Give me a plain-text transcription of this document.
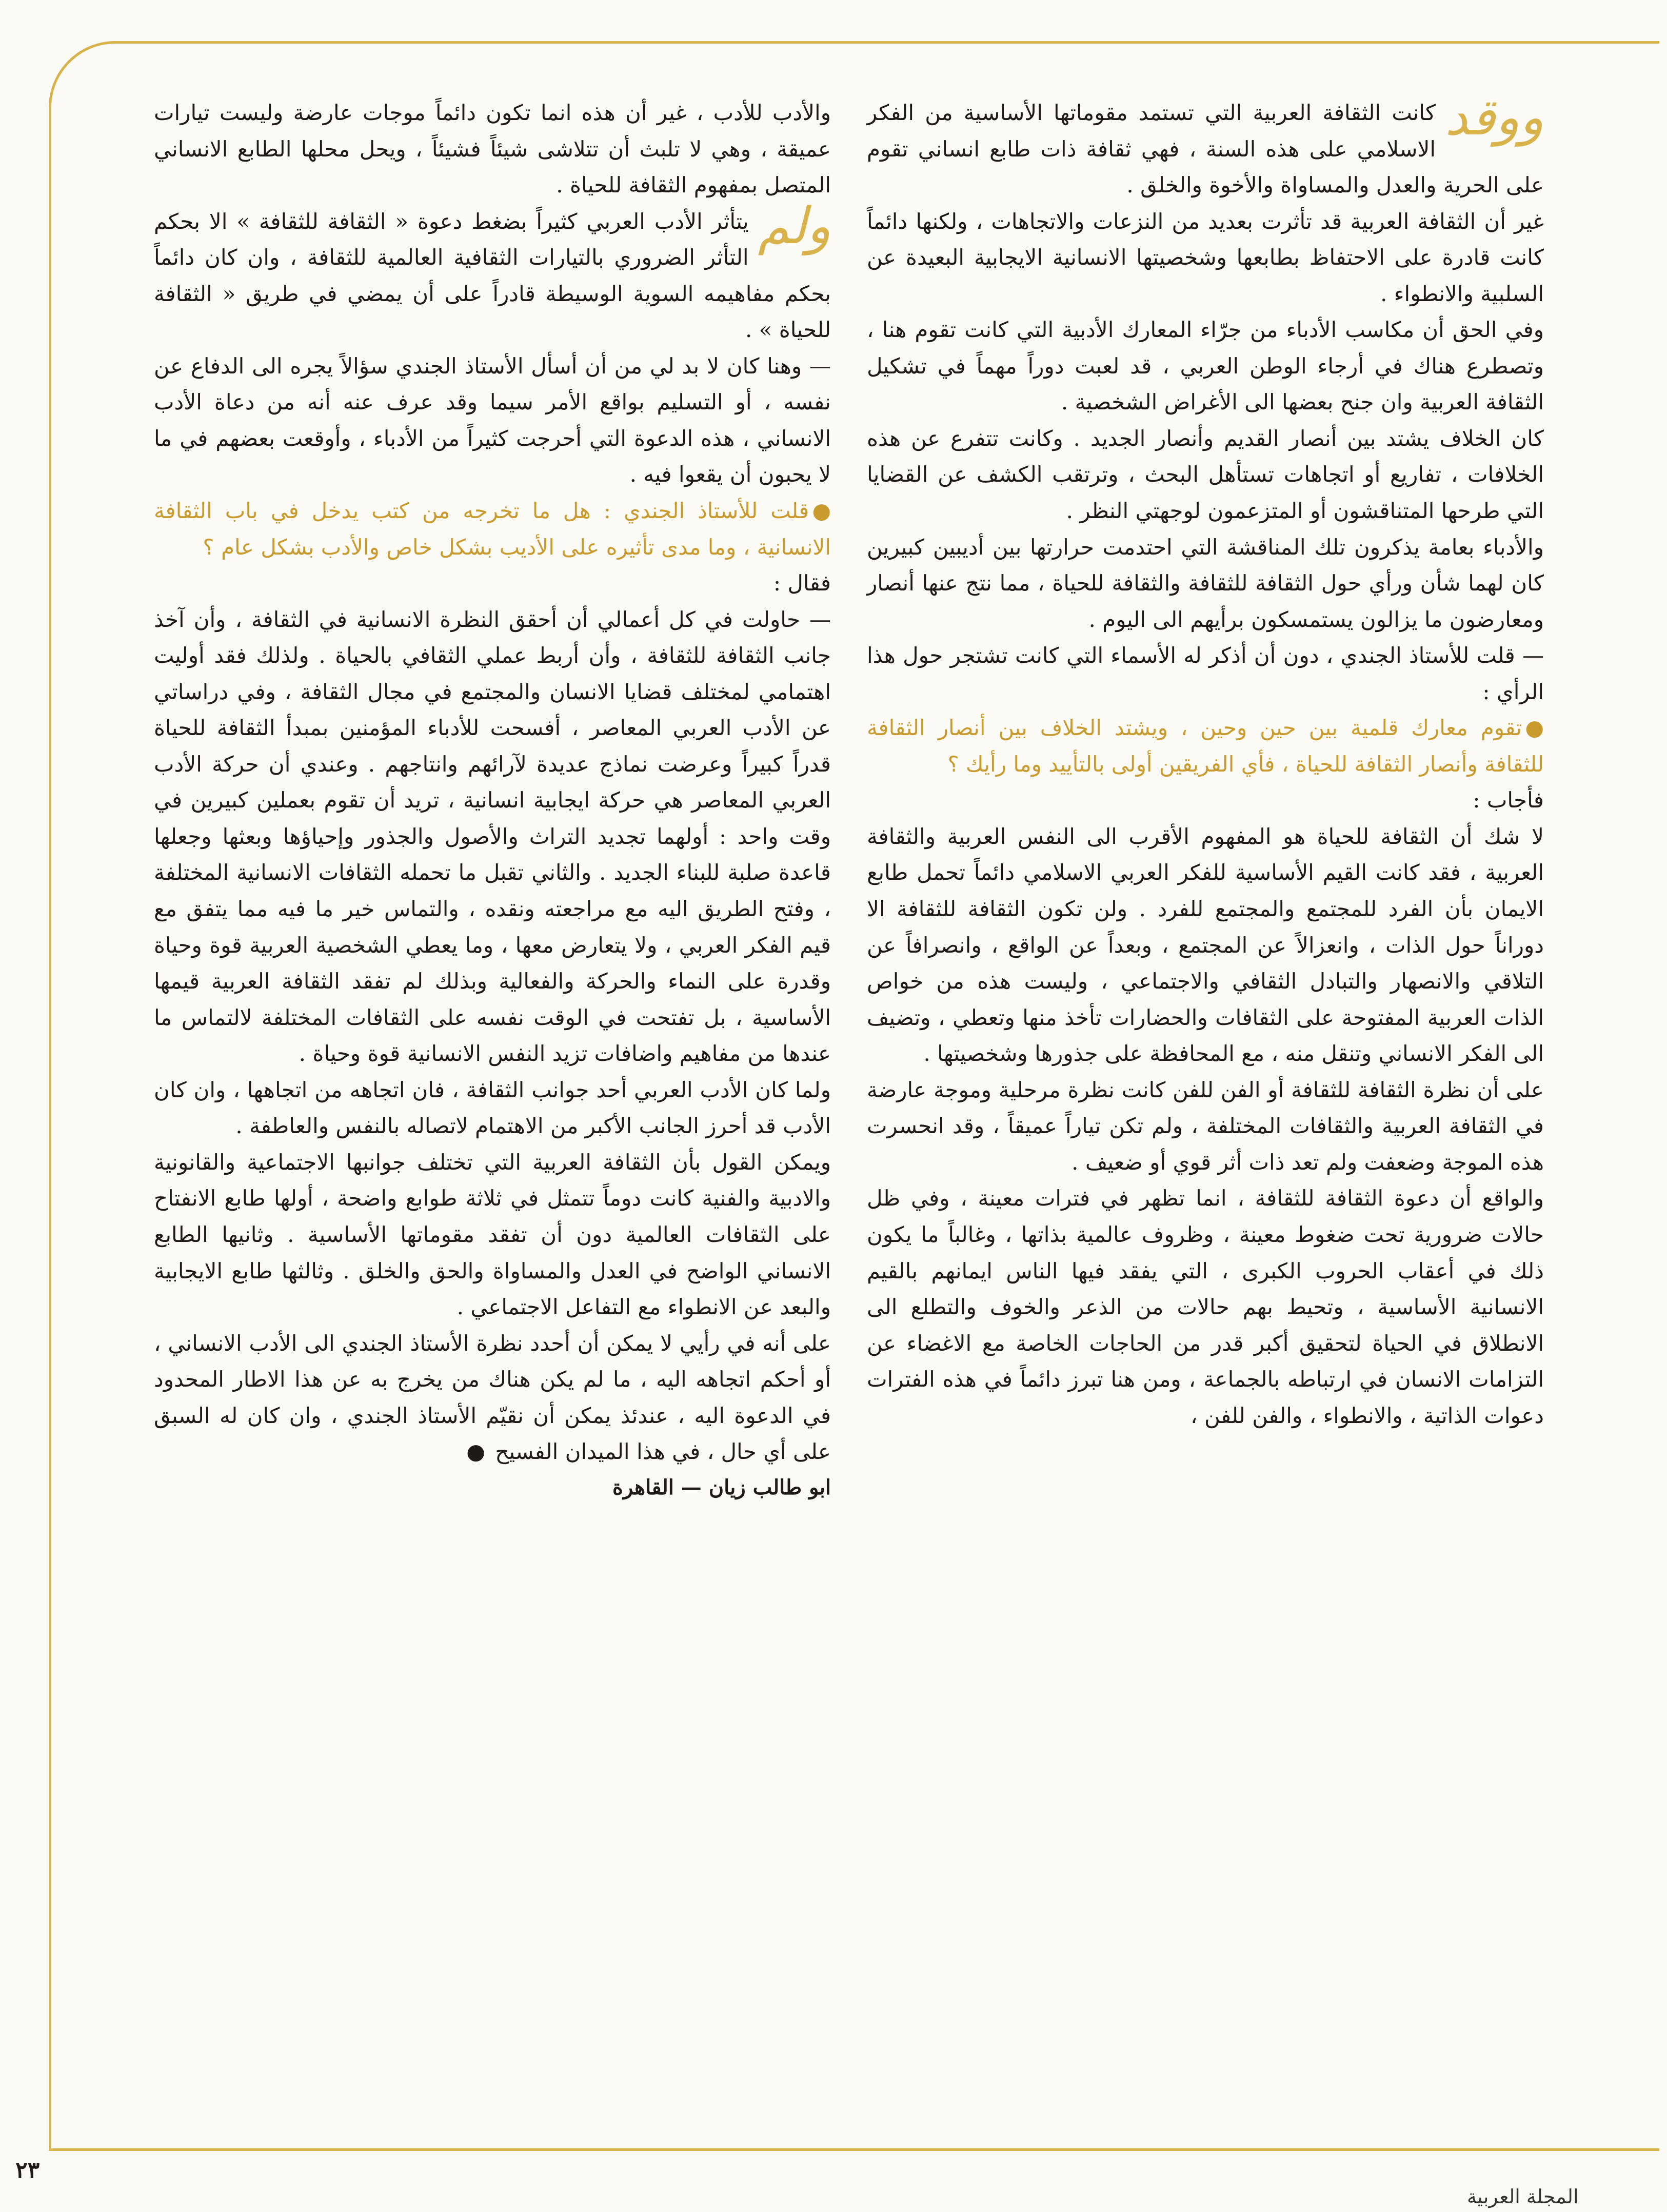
ووقد
كانت الثقافة العربية التي تستمد مقوماتها الأساسية من الفكر الاسلامي على هذه السنة ، فهي ثقافة ذات طابع انساني تقوم على الحرية والعدل والمساواة والأخوة والخلق .

غير أن الثقافة العربية قد تأثرت بعديد من النزعات والاتجاهات ، ولكنها دائماً كانت قادرة على الاحتفاظ بطابعها وشخصيتها الانسانية الايجابية البعيدة عن السلبية والانطواء .

وفي الحق أن مكاسب الأدباء من جرّاء المعارك الأدبية التي كانت تقوم هنا ، وتصطرع هناك في أرجاء الوطن العربي ، قد لعبت دوراً مهماً في تشكيل الثقافة العربية وان جنح بعضها الى الأغراض الشخصية .

كان الخلاف يشتد بين أنصار القديم وأنصار الجديد . وكانت تتفرع عن هذه الخلافات ، تفاريع أو اتجاهات تستأهل البحث ، وترتقب الكشف عن القضايا التي طرحها المتناقشون أو المتزعمون لوجهتي النظر .

والأدباء بعامة يذكرون تلك المناقشة التي احتدمت حرارتها بين أديبين كبيرين كان لهما شأن ورأي حول الثقافة للثقافة والثقافة للحياة ، مما نتج عنها أنصار ومعارضون ما يزالون يستمسكون برأيهم الى اليوم .

— قلت للأستاذ الجندي ، دون أن أذكر له الأسماء التي كانت تشتجر حول هذا الرأي :

●تقوم معارك قلمية بين حين وحين ، ويشتد الخلاف بين أنصار الثقافة للثقافة وأنصار الثقافة للحياة ، فأي الفريقين أولى بالتأييد وما رأيك ؟

فأجاب :

لا شك أن الثقافة للحياة هو المفهوم الأقرب الى النفس العربية والثقافة العربية ، فقد كانت القيم الأساسية للفكر العربي الاسلامي دائماً تحمل طابع الايمان بأن الفرد للمجتمع والمجتمع للفرد . ولن تكون الثقافة للثقافة الا دوراناً حول الذات ، وانعزالاً عن المجتمع ، وبعداً عن الواقع ، وانصرافاً عن التلاقي والانصهار والتبادل الثقافي والاجتماعي ، وليست هذه من خواص الذات العربية المفتوحة على الثقافات والحضارات تأخذ منها وتعطي ، وتضيف الى الفكر الانساني وتنقل منه ، مع المحافظة على جذورها وشخصيتها .

على أن نظرة الثقافة للثقافة أو الفن للفن كانت نظرة مرحلية وموجة عارضة في الثقافة العربية والثقافات المختلفة ، ولم تكن تياراً عميقاً ، وقد انحسرت هذه الموجة وضعفت ولم تعد ذات أثر قوي أو ضعيف .

والواقع أن دعوة الثقافة للثقافة ، انما تظهر في فترات معينة ، وفي ظل حالات ضرورية تحت ضغوط معينة ، وظروف عالمية بذاتها ، وغالباً ما يكون ذلك في أعقاب الحروب الكبرى ، التي يفقد فيها الناس ايمانهم بالقيم الانسانية الأساسية ، وتحيط بهم حالات من الذعر والخوف والتطلع الى الانطلاق في الحياة لتحقيق أكبر قدر من الحاجات الخاصة مع الاغضاء عن التزامات الانسان في ارتباطه بالجماعة ، ومن هنا تبرز دائماً في هذه الفترات دعوات الذاتية ، والانطواء ، والفن للفن ،

والأدب للأدب ، غير أن هذه انما تكون دائماً موجات عارضة وليست تيارات عميقة ، وهي لا تلبث أن تتلاشى شيئاً فشيئاً ، ويحل محلها الطابع الانساني المتصل بمفهوم الثقافة للحياة .

ولم
يتأثر الأدب العربي كثيراً بضغط دعوة « الثقافة للثقافة » الا بحكم التأثر الضروري بالتيارات الثقافية العالمية للثقافة ، وان كان دائماً بحكم مفاهيمه السوية الوسيطة قادراً على أن يمضي في طريق « الثقافة للحياة » .

— وهنا كان لا بد لي من أن أسأل الأستاذ الجندي سؤالاً يجره الى الدفاع عن نفسه ، أو التسليم بواقع الأمر سيما وقد عرف عنه أنه من دعاة الأدب الانساني ، هذه الدعوة التي أحرجت كثيراً من الأدباء ، وأوقعت بعضهم في ما لا يحبون أن يقعوا فيه .

●قلت للأستاذ الجندي : هل ما تخرجه من كتب يدخل في باب الثقافة الانسانية ، وما مدى تأثيره على الأديب بشكل خاص والأدب بشكل عام ؟

فقال :

— حاولت في كل أعمالي أن أحقق النظرة الانسانية في الثقافة ، وأن آخذ جانب الثقافة للثقافة ، وأن أربط عملي الثقافي بالحياة . ولذلك فقد أوليت اهتمامي لمختلف قضايا الانسان والمجتمع في مجال الثقافة ، وفي دراساتي عن الأدب العربي المعاصر ، أفسحت للأدباء المؤمنين بمبدأ الثقافة للحياة قدراً كبيراً وعرضت نماذج عديدة لآرائهم وانتاجهم . وعندي أن حركة الأدب العربي المعاصر هي حركة ايجابية انسانية ، تريد أن تقوم بعملين كبيرين في وقت واحد : أولهما تجديد التراث والأصول والجذور وإحياؤها وبعثها وجعلها قاعدة صلبة للبناء الجديد . والثاني تقبل ما تحمله الثقافات الانسانية المختلفة ، وفتح الطريق اليه مع مراجعته ونقده ، والتماس خير ما فيه مما يتفق مع قيم الفكر العربي ، ولا يتعارض معها ، وما يعطي الشخصية العربية قوة وحياة وقدرة على النماء والحركة والفعالية وبذلك لم تفقد الثقافة العربية قيمها الأساسية ، بل تفتحت في الوقت نفسه على الثقافات المختلفة لالتماس ما عندها من مفاهيم واضافات تزيد النفس الانسانية قوة وحياة .

ولما كان الأدب العربي أحد جوانب الثقافة ، فان اتجاهه من اتجاهها ، وان كان الأدب قد أحرز الجانب الأكبر من الاهتمام لاتصاله بالنفس والعاطفة .

ويمكن القول بأن الثقافة العربية التي تختلف جوانبها الاجتماعية والقانونية والادبية والفنية كانت دوماً تتمثل في ثلاثة طوابع واضحة ، أولها طابع الانفتاح على الثقافات العالمية دون أن تفقد مقوماتها الأساسية . وثانيها الطابع الانساني الواضح في العدل والمساواة والحق والخلق . وثالثها طابع الايجابية والبعد عن الانطواء مع التفاعل الاجتماعي .

على أنه في رأيي لا يمكن أن أحدد نظرة الأستاذ الجندي الى الأدب الانساني ، أو أحكم اتجاهه اليه ، ما لم يكن هناك من يخرج به عن هذا الاطار المحدود في الدعوة اليه ، عندئذ يمكن أن نقيّم الأستاذ الجندي ، وان كان له السبق على أي حال ، في هذا الميدان الفسيح ●

ابو طالب زيان — القاهرة

٢٣
المجلة العربية
